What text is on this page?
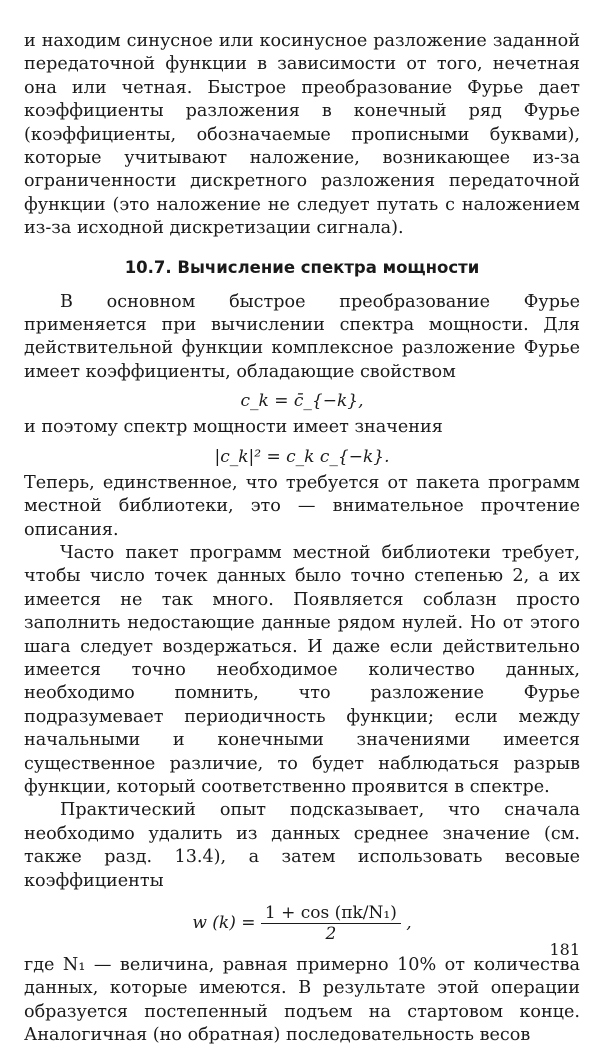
и находим синусное или косинусное разложение заданной передаточной функции в зависимости от того, нечетная она или четная. Быстрое преобразование Фурье дает коэффициенты разложения в конечный ряд Фурье (коэффициенты, обозначаемые прописными буквами), которые учитывают наложение, возникающее из-за ограниченности дискретного разложения передаточной функции (это наложение не следует путать с наложением из-за исходной дискретизации сигнала).

10.7. Вычисление спектра мощности

В основном быстрое преобразование Фурье применяется при вычислении спектра мощности. Для действительной функции комплексное разложение Фурье имеет коэффициенты, обладающие свойством

c_k = c̄_{−k},

и поэтому спектр мощности имеет значения

|c_k|² = c_k c_{−k}.

Теперь, единственное, что требуется от пакета программ местной библиотеки, это — внимательное прочтение описания.

Часто пакет программ местной библиотеки требует, чтобы число точек данных было точно степенью 2, а их имеется не так много. Появляется соблазн просто заполнить недостающие данные рядом нулей. Но от этого шага следует воздержаться. И даже если действительно имеется точно необходимое количество данных, необходимо помнить, что разложение Фурье подразумевает периодичность функции; если между начальными и конечными значениями имеется существенное различие, то будет наблюдаться разрыв функции, который соответственно проявится в спектре.

Практический опыт подсказывает, что сначала необходимо удалить из данных среднее значение (см. также разд. 13.4), а затем использовать весовые коэффициенты

w $(k) = \frac{\text{1 + cos (πk/N₁)}}{2}$ ,

где N₁ — величина, равная примерно 10% от количества данных, которые имеются. В результате этой операции образуется постепенный подъем на стартовом конце. Аналогичная (но обратная) последовательность весов

181
